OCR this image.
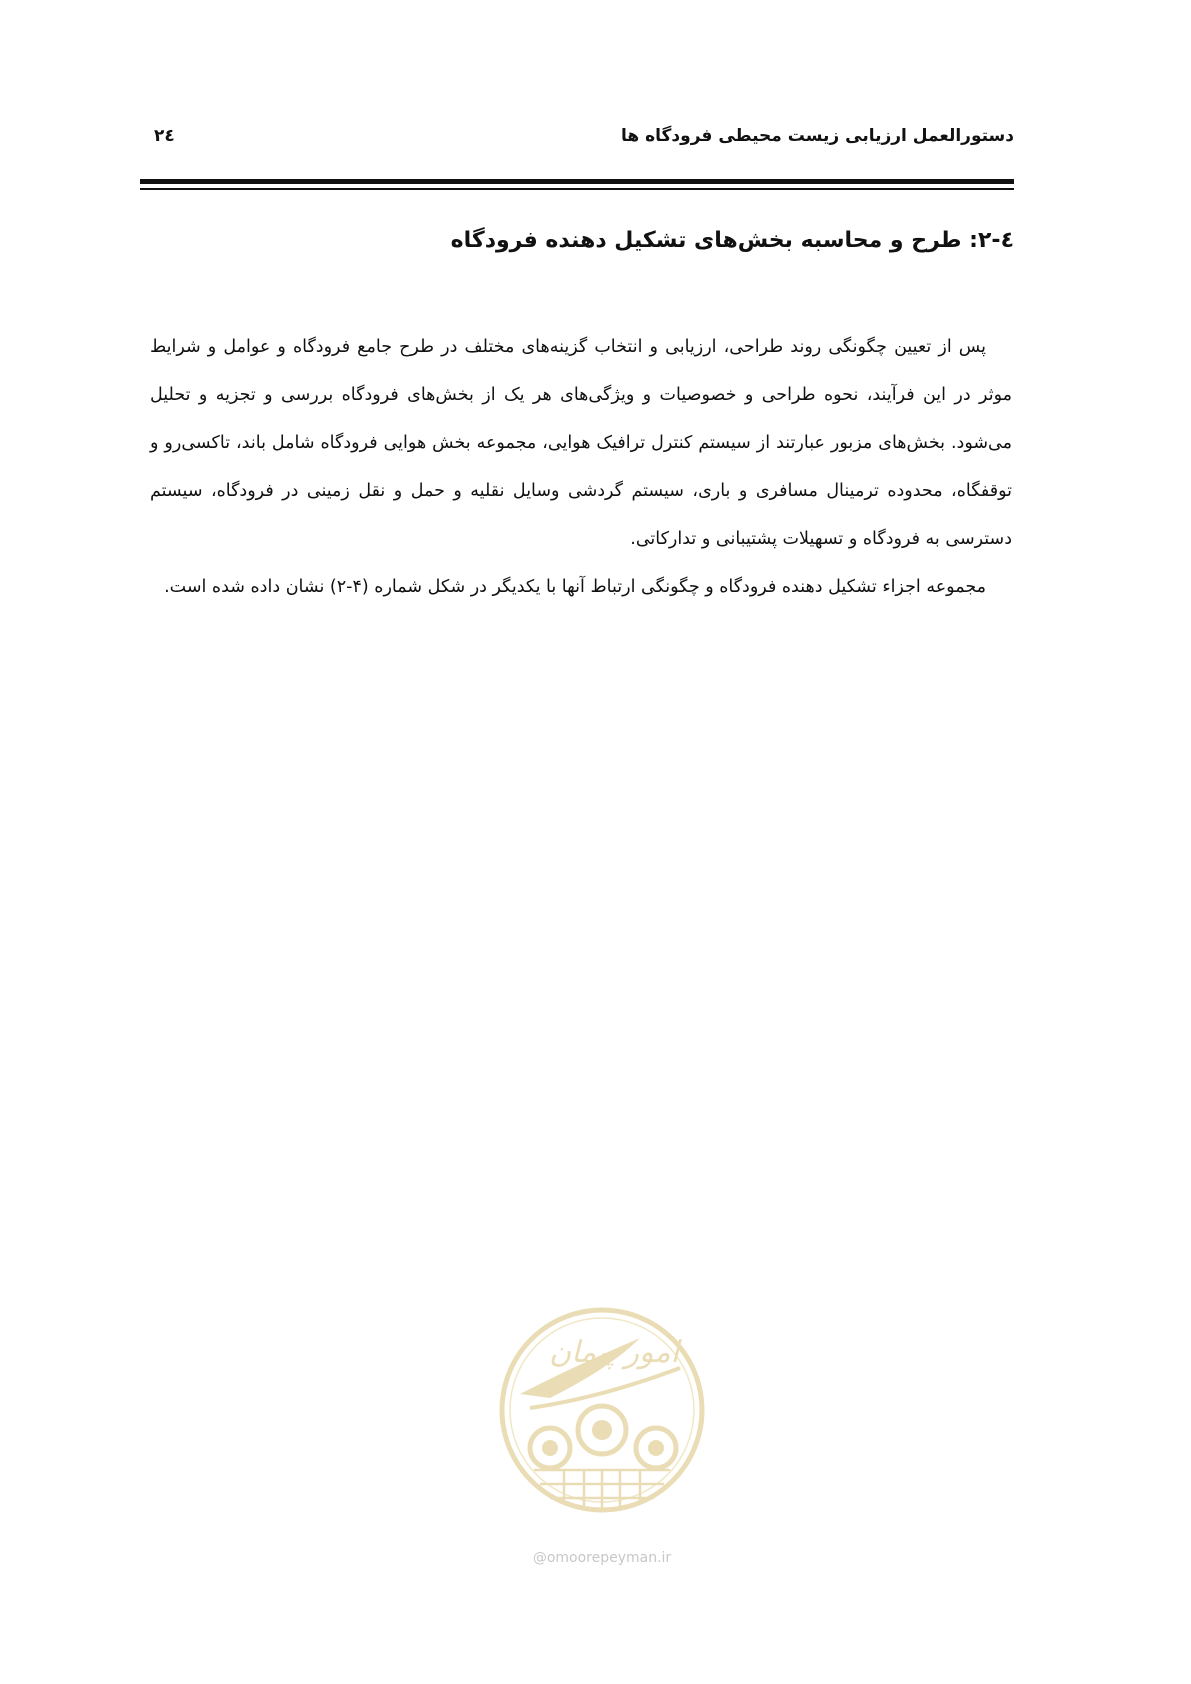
دستورالعمل ارزیابی زیست محیطی فرودگاه ها
۲٤
٤-٢: طرح و محاسبه بخش‌های تشکیل دهنده فرودگاه

پس از تعیین چگونگی روند طراحی، ارزیابی و انتخاب گزینه‌های مختلف در طرح جامع فرودگاه و عوامل و شرایط موثر در این فرآیند، نحوه طراحی و خصوصیات و ویژگی‌های هر یک از بخش‌های فرودگاه بررسی و تجزیه و تحلیل می‌شود. بخش‌های مزبور عبارتند از سیستم کنترل ترافیک هوایی، مجموعه بخش هوایی فرودگاه شامل باند، تاکسی‌رو و توقفگاه، محدوده ترمینال مسافری و باری، سیستم گردشی وسایل نقلیه و حمل و نقل زمینی در فرودگاه، سیستم دسترسی به فرودگاه و تسهیلات پشتیبانی و تدارکاتی.

مجموعه اجزاء تشکیل دهنده فرودگاه و چگونگی ارتباط آنها با یکدیگر در شکل شماره (۴-۲) نشان داده شده است.

امور پیمان
@omoorepeyman.ir
